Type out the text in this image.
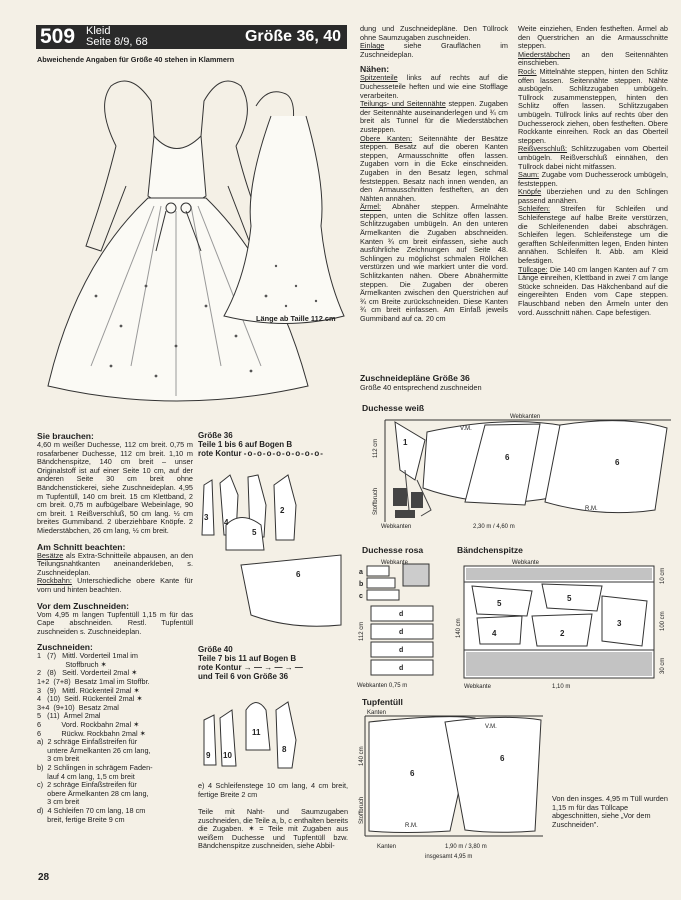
509 Kleid
Seite 8/9, 68	Größe 36, 40
Abweichende Angaben für Größe 40 stehen in Klammern
Länge ab Taille 112 cm
Sie brauchen:
4,60 m weißer Duchesse, 112 cm breit. 0,75 m rosafarbener Duchesse, 112 cm breit. 1,10 m Bändchenspitze, 140 cm breit – unser Originalstoff ist auf einer Seite 10 cm, auf der anderen Seite 30 cm breit ohne Bändchenstickerei, siehe Zuschneideplan. 4,95 m Tupfentüll, 140 cm breit. 15 cm Klettband, 2 cm breit. 0,75 m aufbügelbare Webeinlage, 90 cm breit. 1 Reißverschluß, 50 cm lang. ½ cm breites Gummiband. 2 überziehbare Knöpfe. 2 Miederstäbchen, 26 cm lang, ½ cm breit.
Am Schnitt beachten:
Besätze als Extra-Schnitteile abpausen, an den Teilungsnahtkanten aneinanderkleben, s. Zuschneideplan.
Rockbahn: Unterschiedliche obere Kante für vorn und hinten beachten.
Vor dem Zuschneiden:
Vom 4,95 m langen Tupfentüll 1,15 m für das Cape abschneiden. Restl. Tupfentüll zuschneiden s. Zuschneideplan.
Zuschneiden:
1   (7)   Mittl. Vorderteil 1mal im
Stoffbruch ✶
2   (8)   Seitl. Vorderteil 2mal ✶
1+2  (7+8)  Besatz 1mal im Stoffbr.
3   (9)   Mittl. Rückenteil 2mal ✶
4   (10)  Seitl. Rückenteil 2mal ✶
3+4  (9+10)  Besatz 2mal
5   (11)  Ärmel 2mal
6          Vord. Rockbahn 2mal ✶
6          Rückw. Rockbahn 2mal ✶
a)  2 schräge Einfaßstreifen für
untere Ärmelkanten 26 cm lang,
3 cm breit
b)  2 Schlingen in schrägem Faden-
lauf 4 cm lang, 1,5 cm breit
c)  2 schräge Einfaßstreifen für
obere Ärmelkanten 28 cm lang,
3 cm breit
d)  4 Schleifen 70 cm lang, 18 cm
breit, fertige Breite 9 cm
Größe 36
Teile 1 bis 6 auf Bogen B
rote Kontur -o-o-o-o-o-o-o-o-
3
4
5
2
6
Größe 40
Teile 7 bis 11 auf Bogen B
rote Kontur → — → — → —
und Teil 6 von Größe 36
9 10
11
8
e) 4 Schleifenstege 10 cm lang, 4 cm breit, fertige Breite 2 cm
Teile mit Naht- und Saumzugaben zuschneiden, die Teile a, b, c enthalten bereits die Zugaben. ✶ = Teile mit Zugaben aus weißem Duchesse und Tupfentüll bzw. Bändchenspitze zuschneiden, siehe Abbil-
dung und Zuschneidepläne. Den Tüllrock ohne Saumzugaben zuschneiden.
Einlage siehe Grauflächen im Zuschneideplan.
Nähen:
Spitzenteile links auf rechts auf die Duchesseteile heften und wie eine Stofflage verarbeiten.
Teilungs- und Seitennähte steppen. Zugaben der Seitennähte auseinanderlegen und ¾ cm breit als Tunnel für die Miederstäbchen zusteppen.
Obere Kanten: Seitennähte der Besätze steppen. Besatz auf die oberen Kanten steppen, Armausschnitte offen lassen. Zugaben vorn in die Ecke einschneiden. Zugaben in den Besatz legen, schmal feststeppen. Besatz nach innen wenden, an den Armausschnitten festheften, an den Nähten annähen.
Ärmel: Abnäher steppen. Ärmelnähte steppen, unten die Schlitze offen lassen. Schlitzzugaben umbügeln. An den unteren Ärmelkanten die Zugaben abschneiden. Kanten ¾ cm breit einfassen, siehe auch ausführliche Zeichnungen auf Seite 48. Schlingen zu möglichst schmalen Röllchen verstürzen und wie markiert unter die vord. Schlitzkanten nähen. Obere Abnähermitte steppen. Die Zugaben der oberen Ärmelkanten zwischen den Querstrichen auf ¾ cm Breite zurückschneiden. Diese Kanten ¾ cm breit einfassen. Am Einfaß jeweils Gummiband auf ca. 20 cm
Zuschneidepläne Größe 36
Größe 40 entsprechend zuschneiden
Weite einziehen, Enden festheften. Ärmel ab den Querstrichen an die Armausschnitte steppen.
Miederstäbchen an den Seitennähten einschieben.
Rock: Mittelnähte steppen, hinten den Schlitz offen lassen. Seitennähte steppen. Nähte ausbügeln. Schlitzzugaben umbügeln. Tüllrock zusammensteppen, hinten den Schlitz offen lassen. Schlitzzugaben umbügeln. Tüllrock links auf rechts über den Duchesserock ziehen, oben festheften. Obere Rockkante einreihen. Rock an das Oberteil steppen.
Reißverschluß: Schlitzzugaben vom Oberteil umbügeln. Reißverschluß einnähen, den Tüllrock dabei nicht mitfassen.
Saum: Zugabe vom Duchesserock umbügeln, feststeppen.
Knöpfe überziehen und zu den Schlingen passend annähen.
Schleifen: Streifen für Schleifen und Schleifenstege auf halbe Breite verstürzen, die Schleifenenden dabei abschrägen. Schleifen legen. Schleifenstege um die gerafften Schleifenmitten legen, Enden hinten annähen. Schleifen lt. Abb. am Kleid befestigen.
Tüllcape: Die 140 cm langen Kanten auf 7 cm Länge einreihen, Klettband in zwei 7 cm lange Stücke schneiden. Das Häkchenband auf die eingereihten Enden vom Cape steppen. Flauschband neben den Ärmeln unter den vord. Ausschnitt nähen. Cape befestigen.
Duchesse weiß
Webkanten
Webkanten
V.M.
R.M.
2,30 m / 4,60 m
Stoffbruch
112 cm	1
6
6
Duchesse rosa
a
b
c
d
d
d
d
Webkante
Webkanten 0,75 m
112 cm
Bändchenspitze
5
5
4	2
3
Webkante
Webkante	1,10 m
10 cm
100 cm
30 cm
140 cm
Tupfentüll
Kanten
Kanten
V.M.
R.M.
1,90 m / 3,80 m
insgesamt 4,95 m
140 cm
Stoffbruch
6
6
Von den insges. 4,95 m Tüll wurden 1,15 m für das Tüllcape abgeschnitten, siehe „Vor dem Zuschneiden".
28
